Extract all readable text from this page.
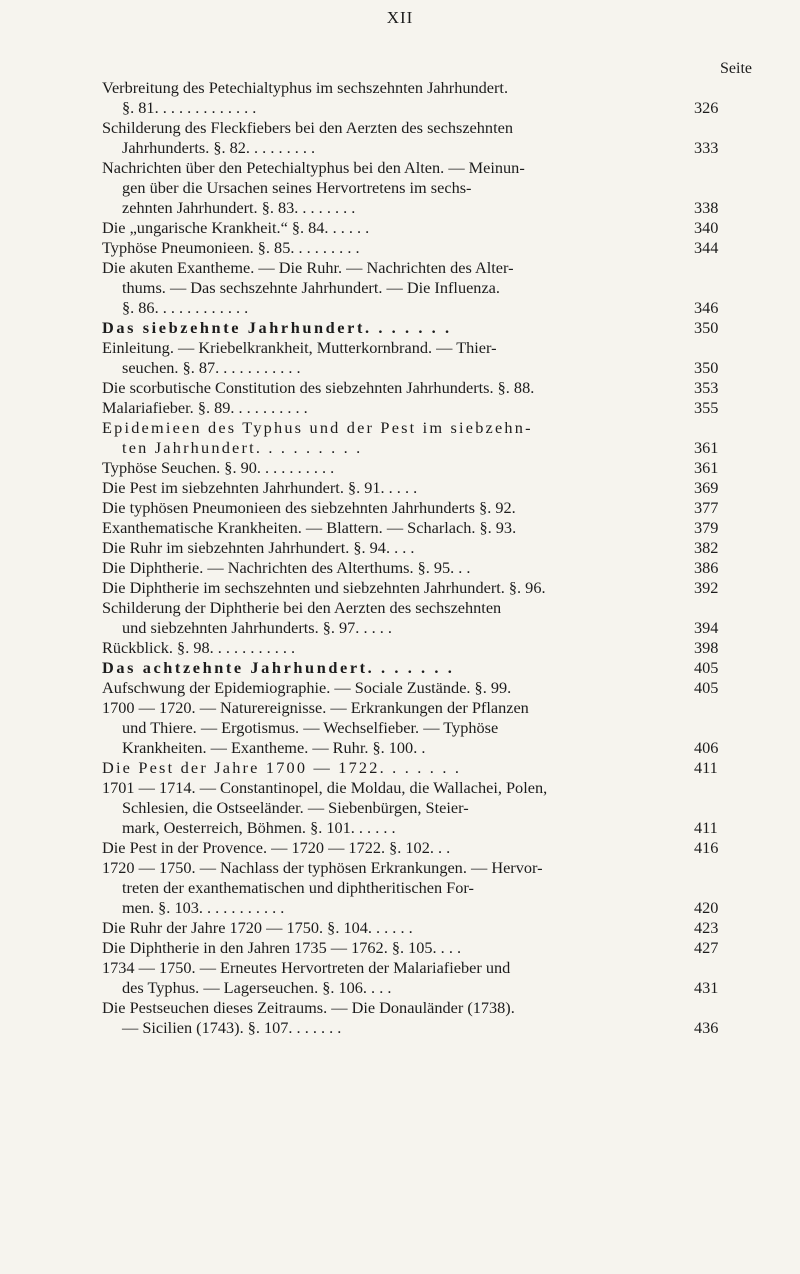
XII
Seite
Verbreitung des Petechialtyphus im sechszehnten Jahrhundert.
§. 81. . . . . . . . . . . . .	326
Schilderung des Fleckfiebers bei den Aerzten des sechszehnten
Jahrhunderts. §. 82. . . . . . . . .	333
Nachrichten über den Petechialtyphus bei den Alten. — Meinun-
gen über die Ursachen seines Hervortretens im sechs-
zehnten Jahrhundert. §. 83. . . . . . . .	338
Die „ungarische Krankheit.“ §. 84. . . . . .	340
Typhöse Pneumonieen. §. 85. . . . . . . . .	344
Die akuten Exantheme. — Die Ruhr. — Nachrichten des Alter-
thums. — Das sechszehnte Jahrhundert. — Die Influenza.
§. 86. . . . . . . . . . . .	346
Das siebzehnte Jahrhundert. . . . . . .	350
Einleitung. — Kriebelkrankheit, Mutterkornbrand. — Thier-
seuchen. §. 87. . . . . . . . . . .	350
Die scorbutische Constitution des siebzehnten Jahrhunderts. §. 88.	353
Malariafieber. §. 89. . . . . . . . . .	355
Epidemieen des Typhus und der Pest im siebzehn-
ten Jahrhundert. . . . . . . . .	361
Typhöse Seuchen. §. 90. . . . . . . . . .	361
Die Pest im siebzehnten Jahrhundert. §. 91. . . . .	369
Die typhösen Pneumonieen des siebzehnten Jahrhunderts §. 92.	377
Exanthematische Krankheiten. — Blattern. — Scharlach. §. 93.	379
Die Ruhr im siebzehnten Jahrhundert. §. 94. . . .	382
Die Diphtherie. — Nachrichten des Alterthums. §. 95. . .	386
Die Diphtherie im sechszehnten und siebzehnten Jahrhundert. §. 96.	392
Schilderung der Diphtherie bei den Aerzten des sechszehnten
und siebzehnten Jahrhunderts. §. 97. . . . .	394
Rückblick. §. 98. . . . . . . . . . .	398
Das achtzehnte Jahrhundert. . . . . . .	405
Aufschwung der Epidemiographie. — Sociale Zustände. §. 99.	405
1700 — 1720. — Naturereignisse. — Erkrankungen der Pflanzen
und Thiere. — Ergotismus. — Wechselfieber. — Typhöse
Krankheiten. — Exantheme. — Ruhr. §. 100. .	406
Die Pest der Jahre 1700 — 1722. . . . . . .	411
1701 — 1714. — Constantinopel, die Moldau, die Wallachei, Polen,
Schlesien, die Ostseeländer. — Siebenbürgen, Steier-
mark, Oesterreich, Böhmen. §. 101. . . . . .	411
Die Pest in der Provence. — 1720 — 1722. §. 102. . .	416
1720 — 1750. — Nachlass der typhösen Erkrankungen. — Hervor-
treten der exanthematischen und diphtheritischen For-
men. §. 103. . . . . . . . . . .	420
Die Ruhr der Jahre 1720 — 1750. §. 104. . . . . .	423
Die Diphtherie in den Jahren 1735 — 1762. §. 105. . . .	427
1734 — 1750. — Erneutes Hervortreten der Malariafieber und
des Typhus. — Lagerseuchen. §. 106. . . .	431
Die Pestseuchen dieses Zeitraums. — Die Donauländer (1738).
— Sicilien (1743). §. 107. . . . . . .	436
